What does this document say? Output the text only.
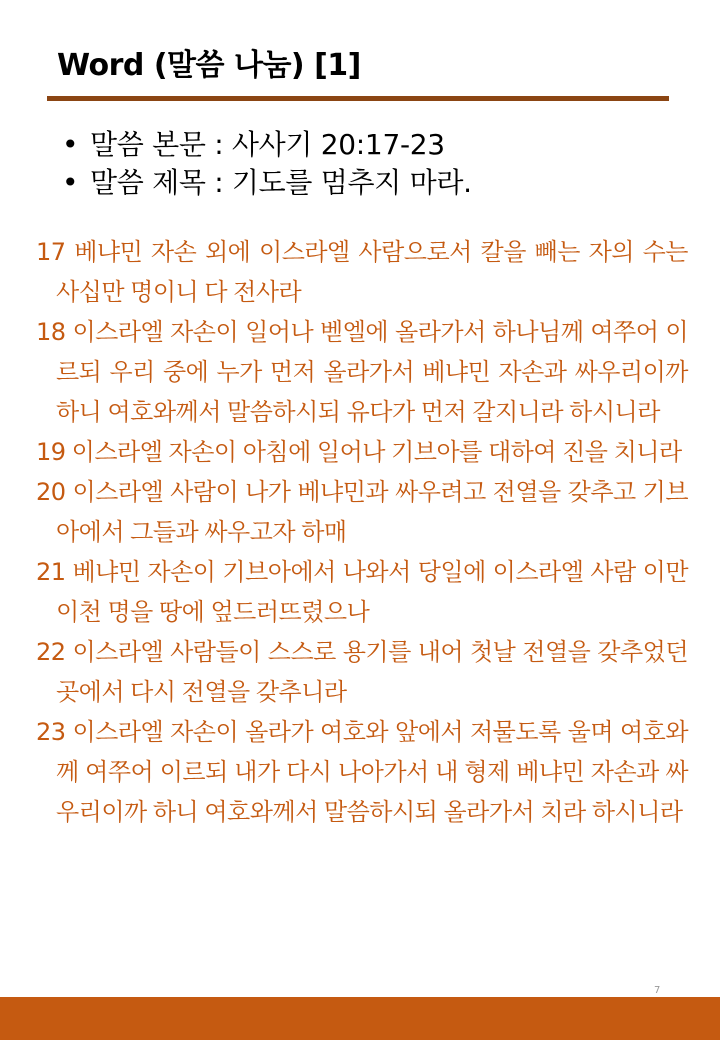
Word (말씀 나눔) [1]
• 말씀 본문 : 사사기 20:17-23
• 말씀 제목 : 기도를 멈추지 마라.
17 베냐민 자손 외에 이스라엘 사람으로서 칼을 빼는 자의 수는 사십만 명이니 다 전사라
18 이스라엘 자손이 일어나 벧엘에 올라가서 하나님께 여쭈어 이르되 우리 중에 누가 먼저 올라가서 베냐민 자손과 싸우리이까 하니 여호와께서 말씀하시되 유다가 먼저 갈지니라 하시니라
19 이스라엘 자손이 아침에 일어나 기브아를 대하여 진을 치니라
20 이스라엘 사람이 나가 베냐민과 싸우려고 전열을 갖추고 기브아에서 그들과 싸우고자 하매
21 베냐민 자손이 기브아에서 나와서 당일에 이스라엘 사람 이만 이천 명을 땅에 엎드러뜨렸으나
22 이스라엘 사람들이 스스로 용기를 내어 첫날 전열을 갖추었던 곳에서 다시 전열을 갖추니라
23 이스라엘 자손이 올라가 여호와 앞에서 저물도록 울며 여호와께 여쭈어 이르되 내가 다시 나아가서 내 형제 베냐민 자손과 싸우리이까 하니 여호와께서 말씀하시되 올라가서 치라 하시니라
7
